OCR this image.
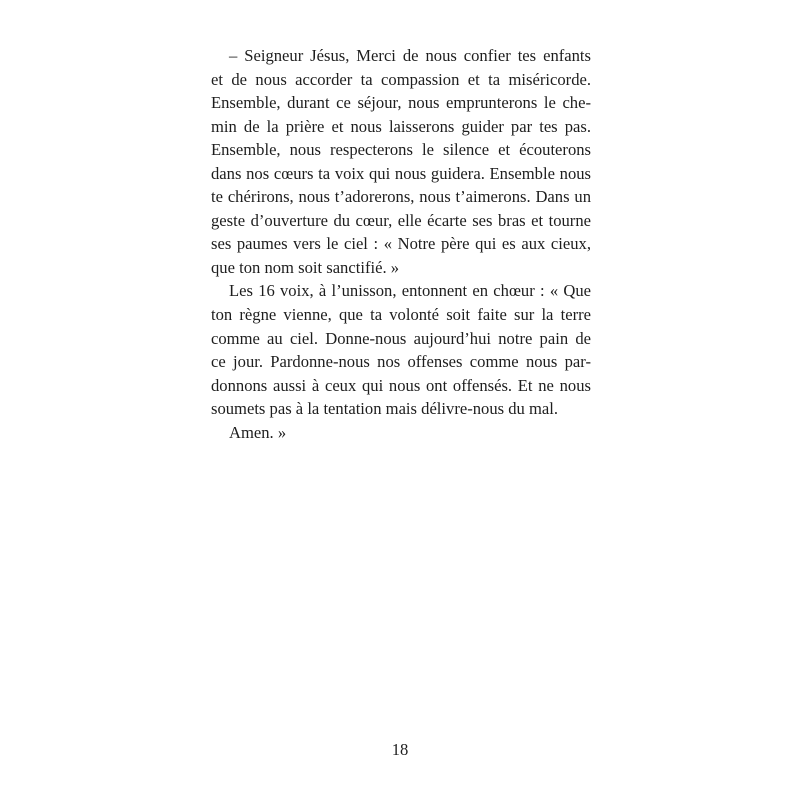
– Seigneur Jésus, Merci de nous confier tes enfants
et de nous accorder ta compassion et ta miséricorde.
Ensemble, durant ce séjour, nous emprunterons le che-
min de la prière et nous laisserons guider par tes pas.
Ensemble, nous respecterons le silence et écouterons
dans nos cœurs ta voix qui nous guidera. Ensemble nous
te chérirons, nous t’adorerons, nous t’aimerons. Dans un
geste d’ouverture du cœur, elle écarte ses bras et tourne
ses paumes vers le ciel : « Notre père qui es aux cieux,
que ton nom soit sanctifié. »
Les 16 voix, à l’unisson, entonnent en chœur : « Que
ton règne vienne, que ta volonté soit faite sur la terre
comme au ciel. Donne-nous aujourd’hui notre pain de
ce jour. Pardonne-nous nos offenses comme nous par-
donnons aussi à ceux qui nous ont offensés. Et ne nous
soumets pas à la tentation mais délivre-nous du mal.
Amen. »
18
